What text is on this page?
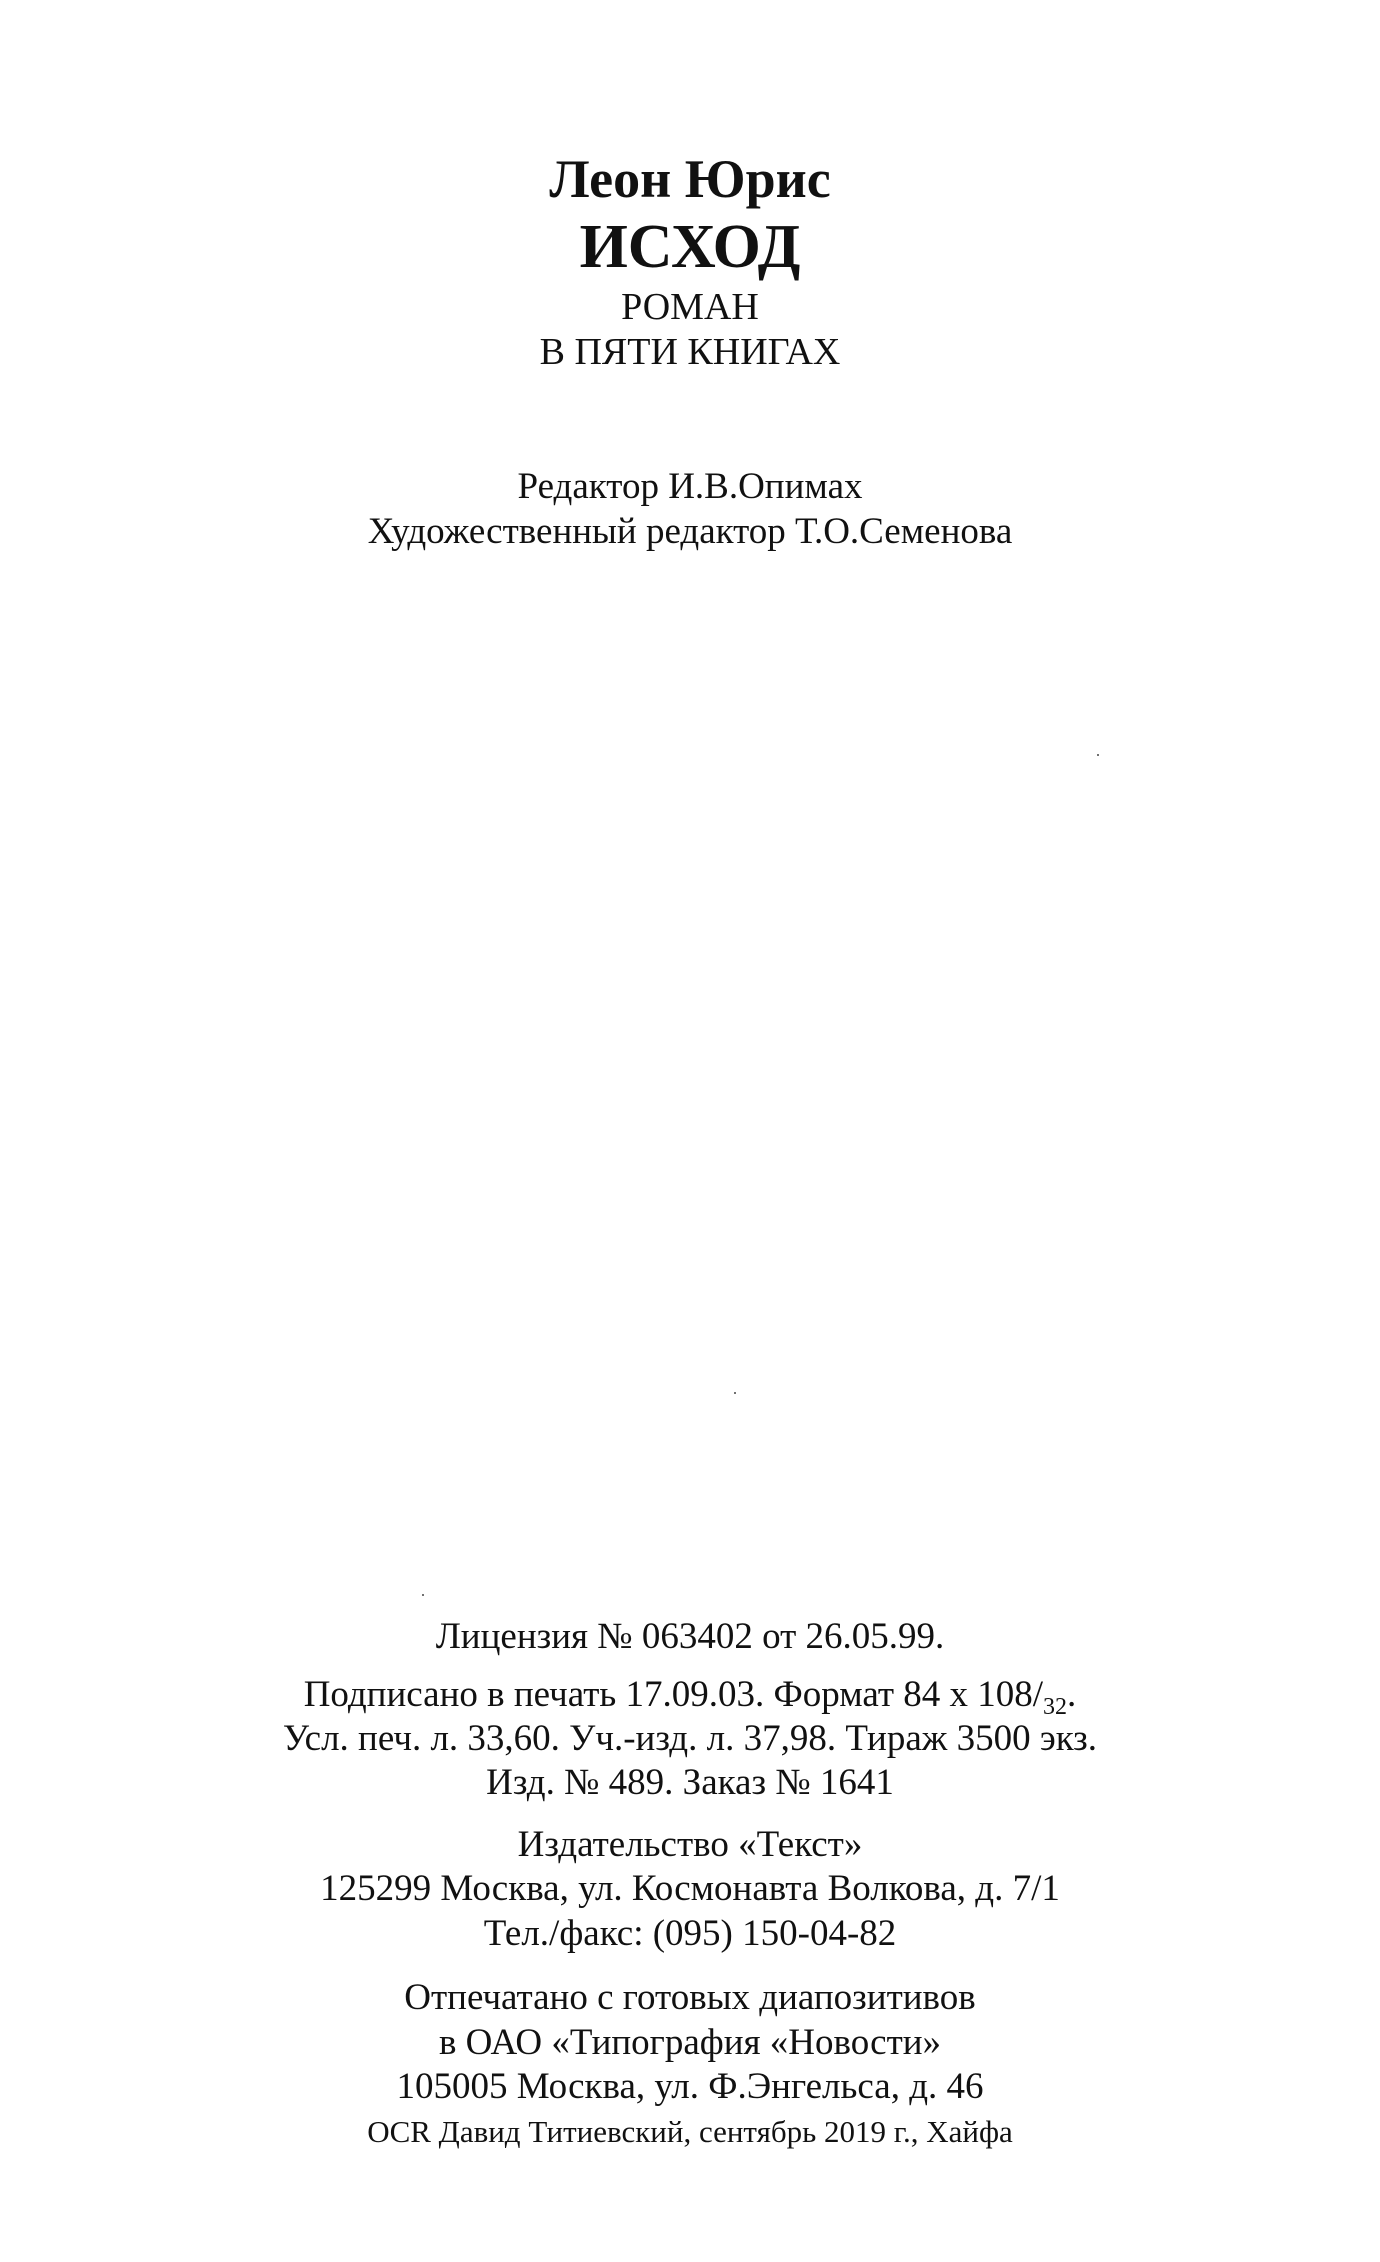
Леон Юрис
ИСХОД
РОМАН
В ПЯТИ КНИГАХ
Редактор И.В.Опимах
Художественный редактор Т.О.Семенова
Лицензия № 063402 от 26.05.99.
Подписано в печать 17.09.03. Формат 84 х $108/_{32}$.
Усл. печ. л. 33,60. Уч.-изд. л. 37,98. Тираж 3500 экз.
Изд. № 489. Заказ № 1641
Издательство «Текст»
125299 Москва, ул. Космонавта Волкова, д. 7/1
Тел./факс: (095) 150-04-82
Отпечатано с готовых диапозитивов
в ОАО «Типография «Новости»
105005 Москва, ул. Ф.Энгельса, д. 46
OCR Давид Титиевский, сентябрь 2019 г., Хайфа
